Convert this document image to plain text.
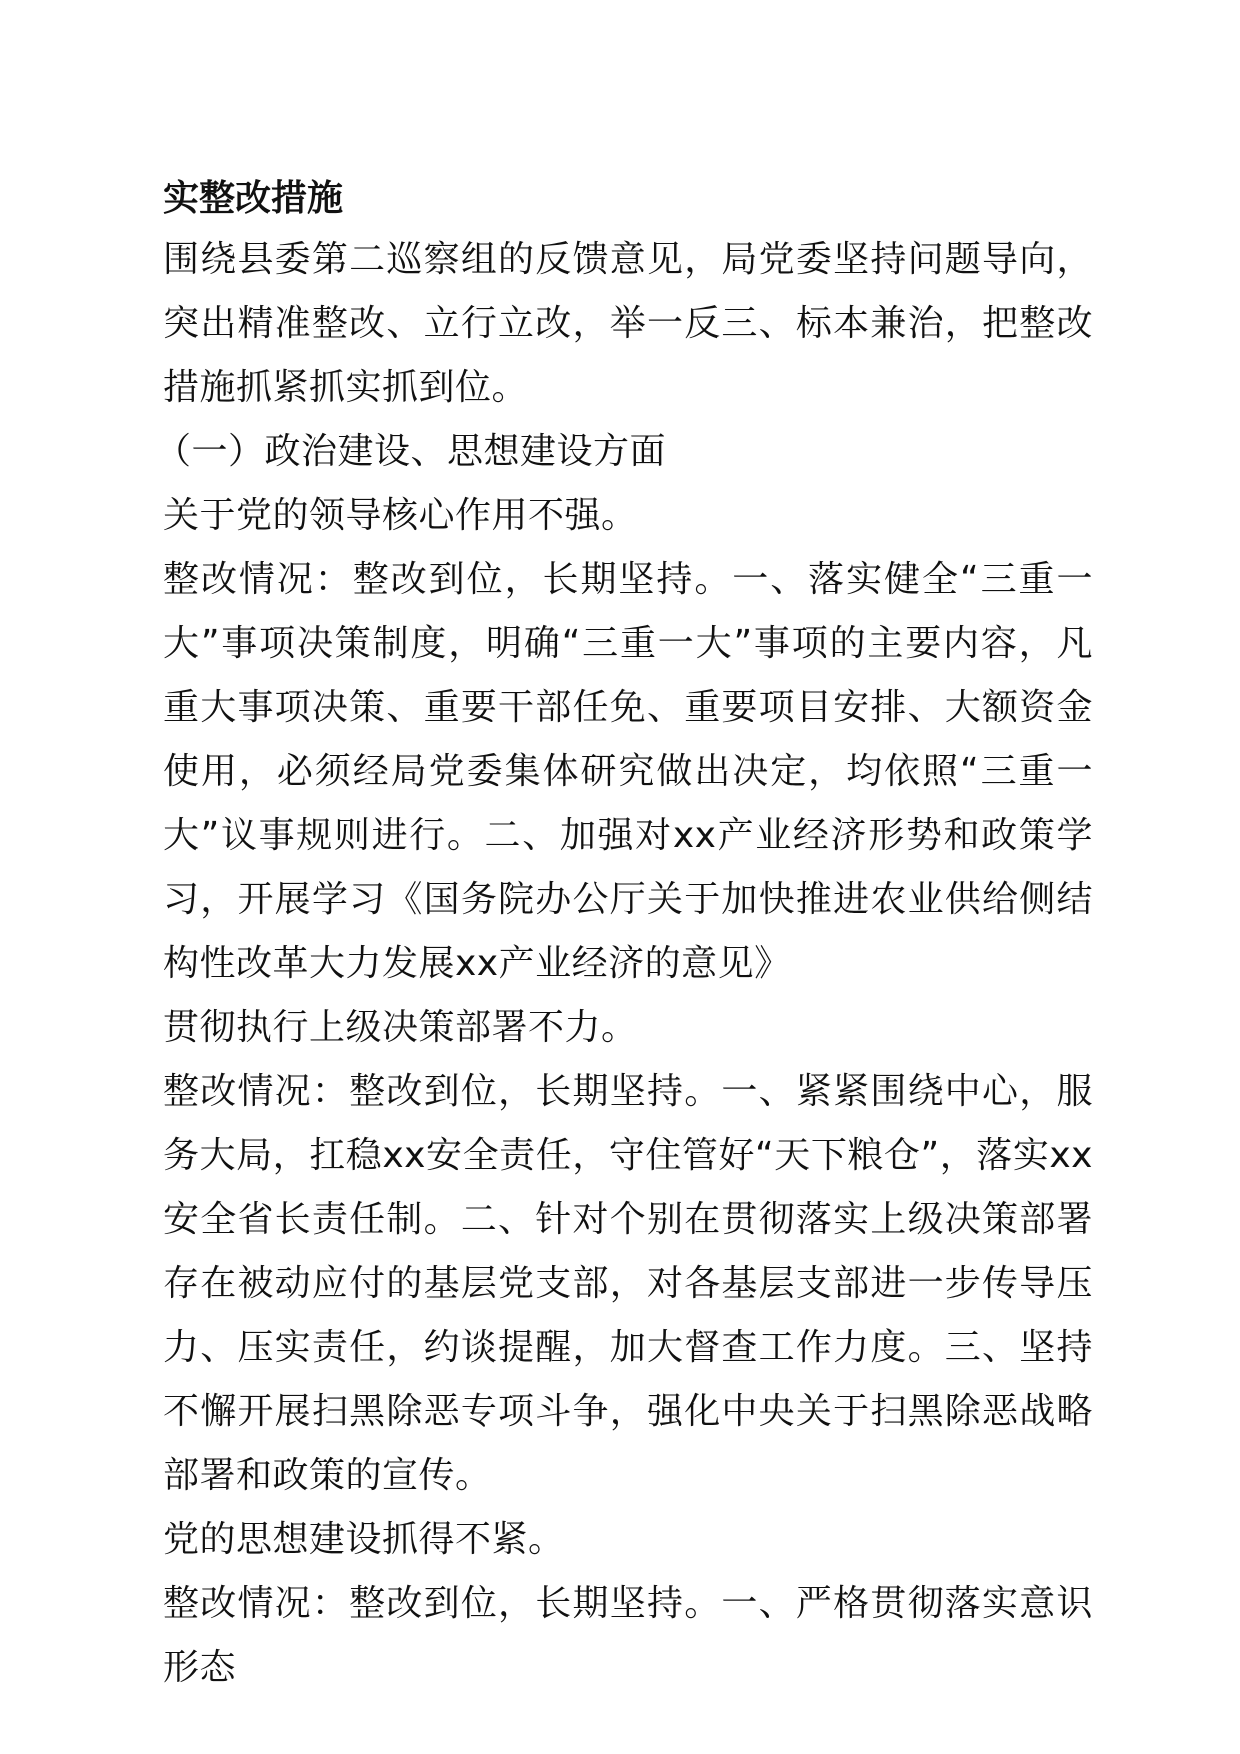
实整改措施

围绕县委第二巡察组的反馈意见，局党委坚持问题导向，突出精准整改、立行立改，举一反三、标本兼治，把整改措施抓紧抓实抓到位。

（一）政治建设、思想建设方面

关于党的领导核心作用不强。

整改情况：整改到位，长期坚持。一、落实健全“三重一大”事项决策制度，明确“三重一大”事项的主要内容，凡重大事项决策、重要干部任免、重要项目安排、大额资金使用，必须经局党委集体研究做出决定，均依照“三重一大”议事规则进行。二、加强对xx产业经济形势和政策学习，开展学习《国务院办公厅关于加快推进农业供给侧结构性改革大力发展xx产业经济的意见》

贯彻执行上级决策部署不力。

整改情况：整改到位，长期坚持。一、紧紧围绕中心，服务大局，扛稳xx安全责任，守住管好“天下粮仓”，落实xx安全省长责任制。二、针对个别在贯彻落实上级决策部署存在被动应付的基层党支部，对各基层支部进一步传导压力、压实责任，约谈提醒，加大督查工作力度。三、坚持不懈开展扫黑除恶专项斗争，强化中央关于扫黑除恶战略部署和政策的宣传。

党的思想建设抓得不紧。

整改情况：整改到位，长期坚持。一、严格贯彻落实意识形态
